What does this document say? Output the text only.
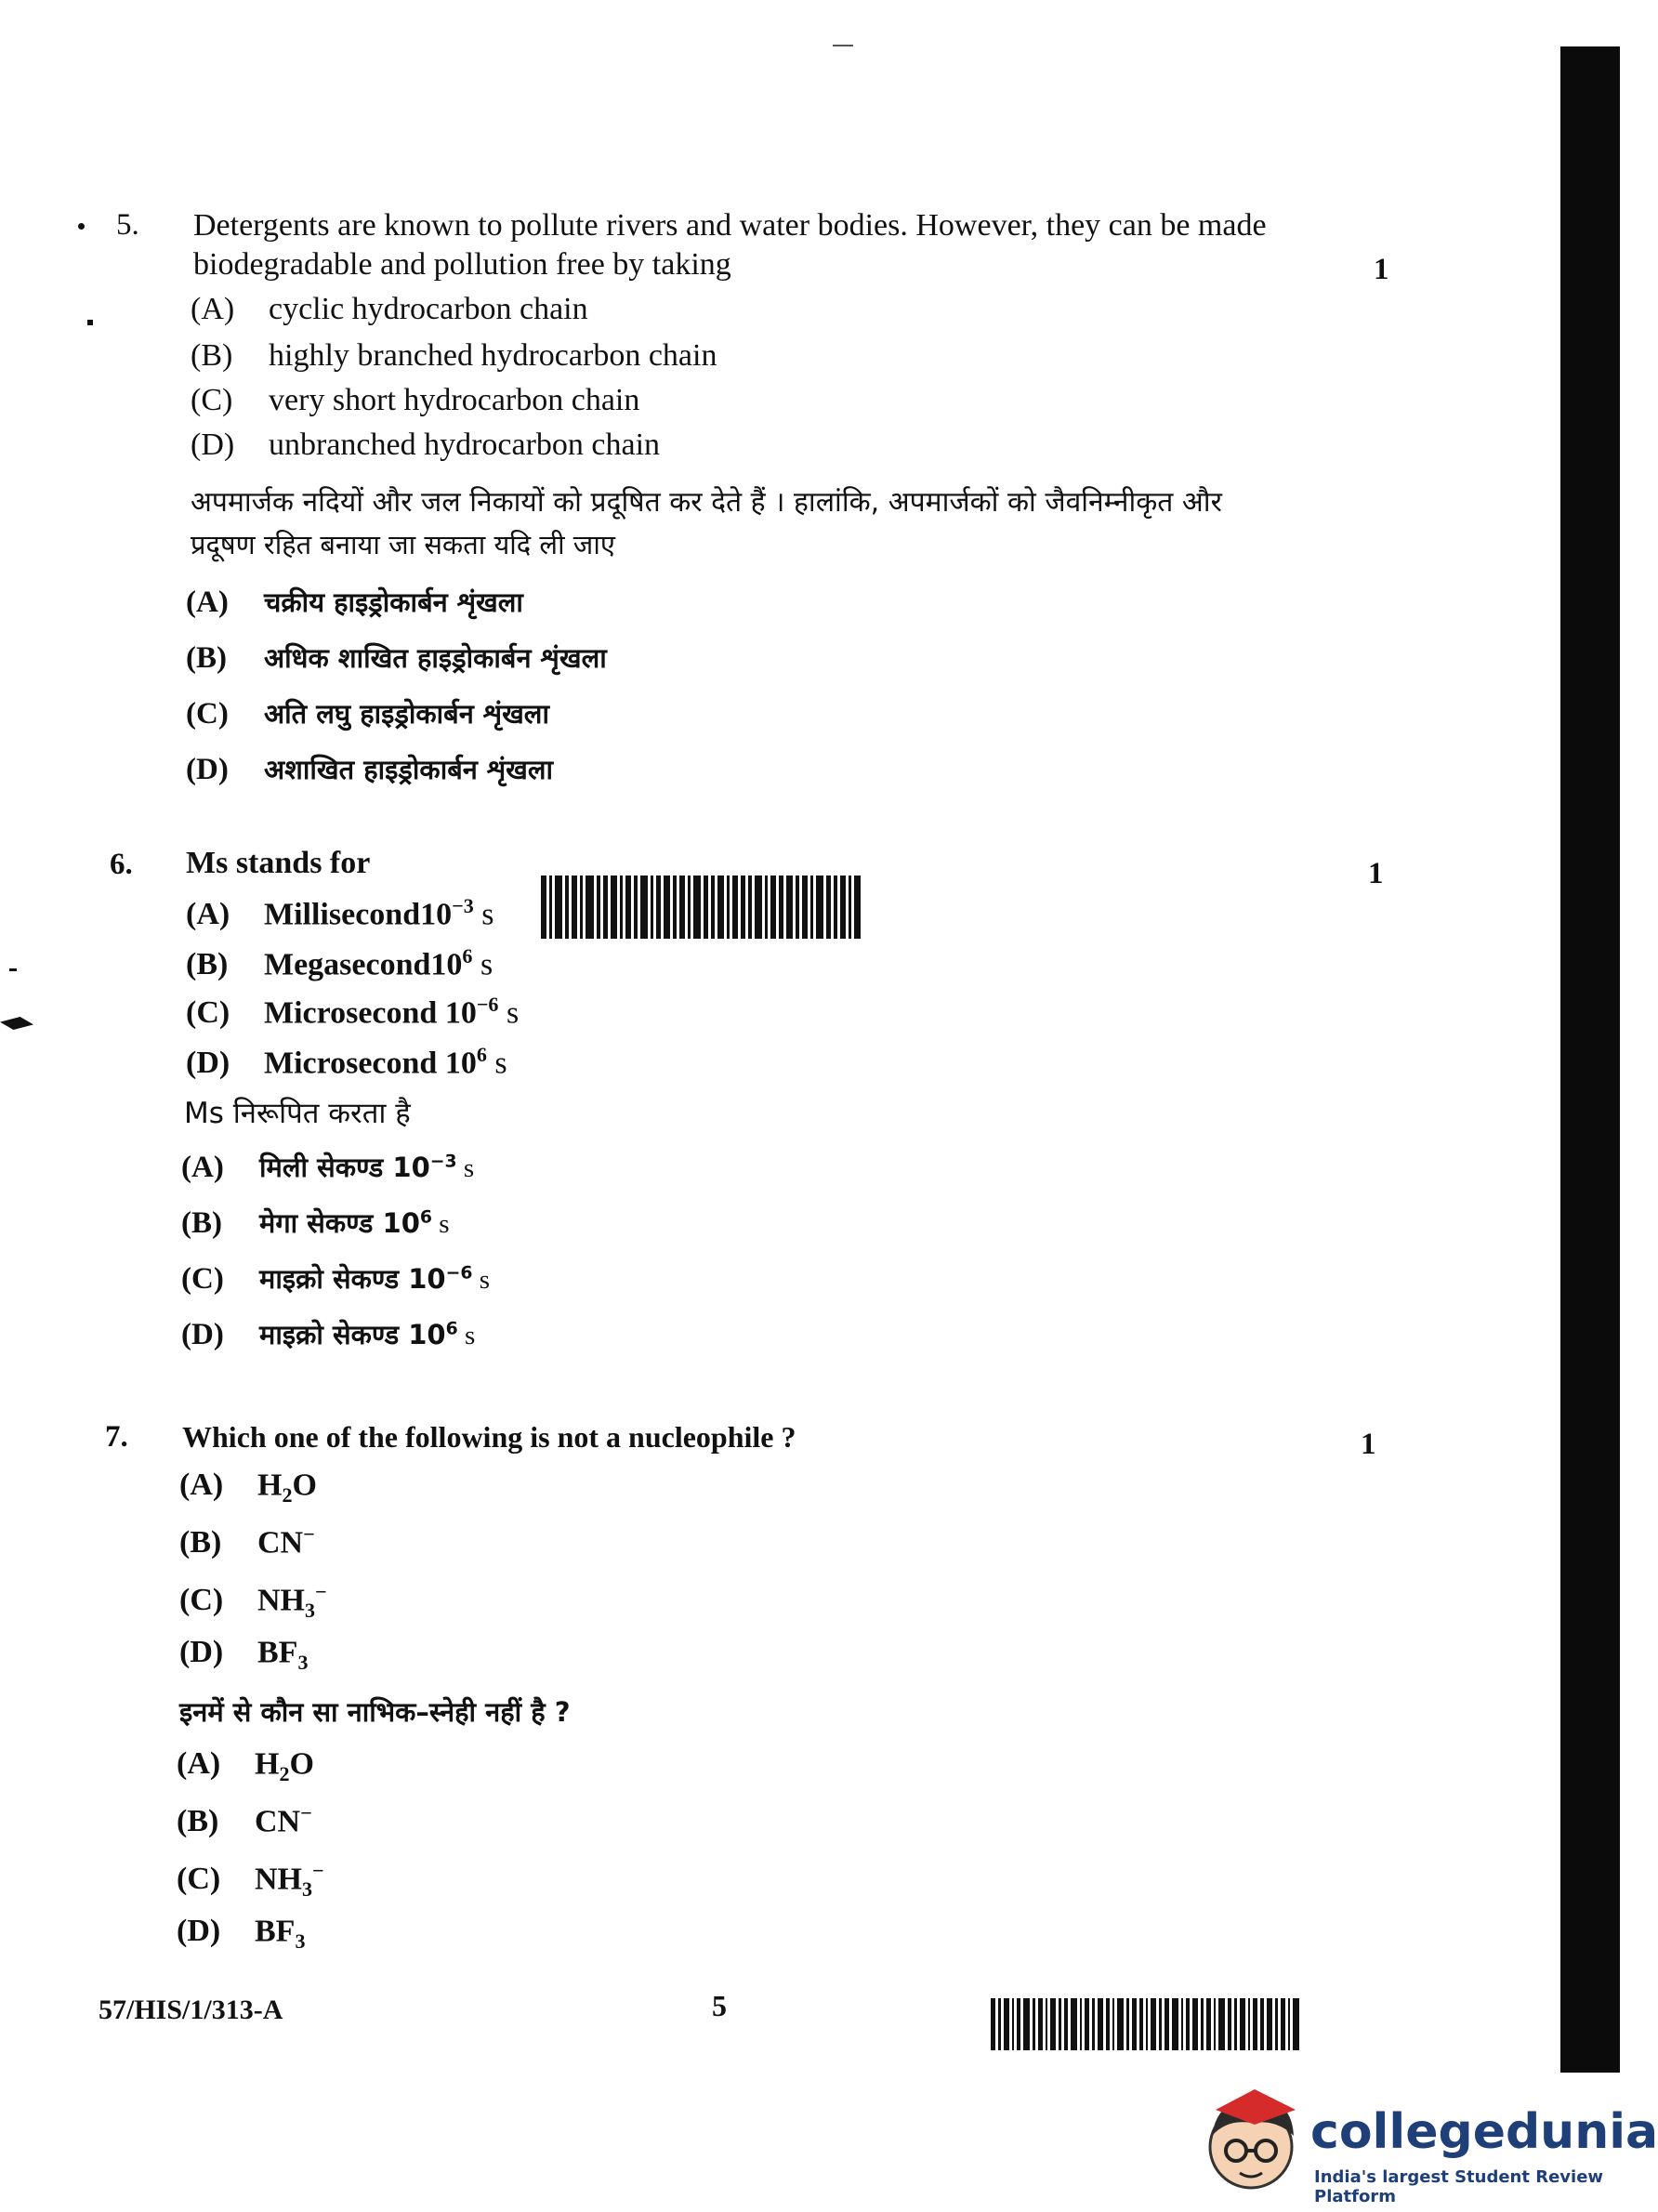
5. Detergents are known to pollute rivers and water bodies. However, they can be made
biodegradable and pollution free by taking	1
(A) cyclic hydrocarbon chain
(B) highly branched hydrocarbon chain
(C) very short hydrocarbon chain
(D) unbranched hydrocarbon chain
अपमार्जक नदियों और जल निकायों को प्रदूषित कर देते हैं । हालांकि, अपमार्जकों को जैवनिम्नीकृत और
प्रदूषण रहित बनाया जा सकता यदि ली जाए
(A) चक्रीय हाइड्रोकार्बन शृंखला
(B) अधिक शाखित हाइड्रोकार्बन शृंखला
(C) अति लघु हाइड्रोकार्बन शृंखला
(D) अशाखित हाइड्रोकार्बन शृंखला
6. Ms stands for	1
(A) $Millisecond10^{-3}$ s
(B) $Megasecond10^6$ s
(C) Microsecond $10^{-6}$ s
(D) Microsecond $10^6$ s
Ms निरूपित करता है
(A) मिली सेकण्ड $10^{-3}$ s
(B) मेगा सेकण्ड $10^6$ s
(C) माइक्रो सेकण्ड $10^{-6}$ s
(D) माइक्रो सेकण्ड $10^6$ s
7. Which one of the following is not a nucleophile ?	1
(A) $H_2O$
(B) CN−
(C) $NH_3^-$
(D) $BF_3$
इनमें से कौन सा नाभिक–स्नेही नहीं है ?
(A) $H_2O$
(B) CN−
(C) $NH_3^-$
(D) $BF_3$
57/HIS/1/313-A	5
collegedunia
India's largest Student Review Platform
